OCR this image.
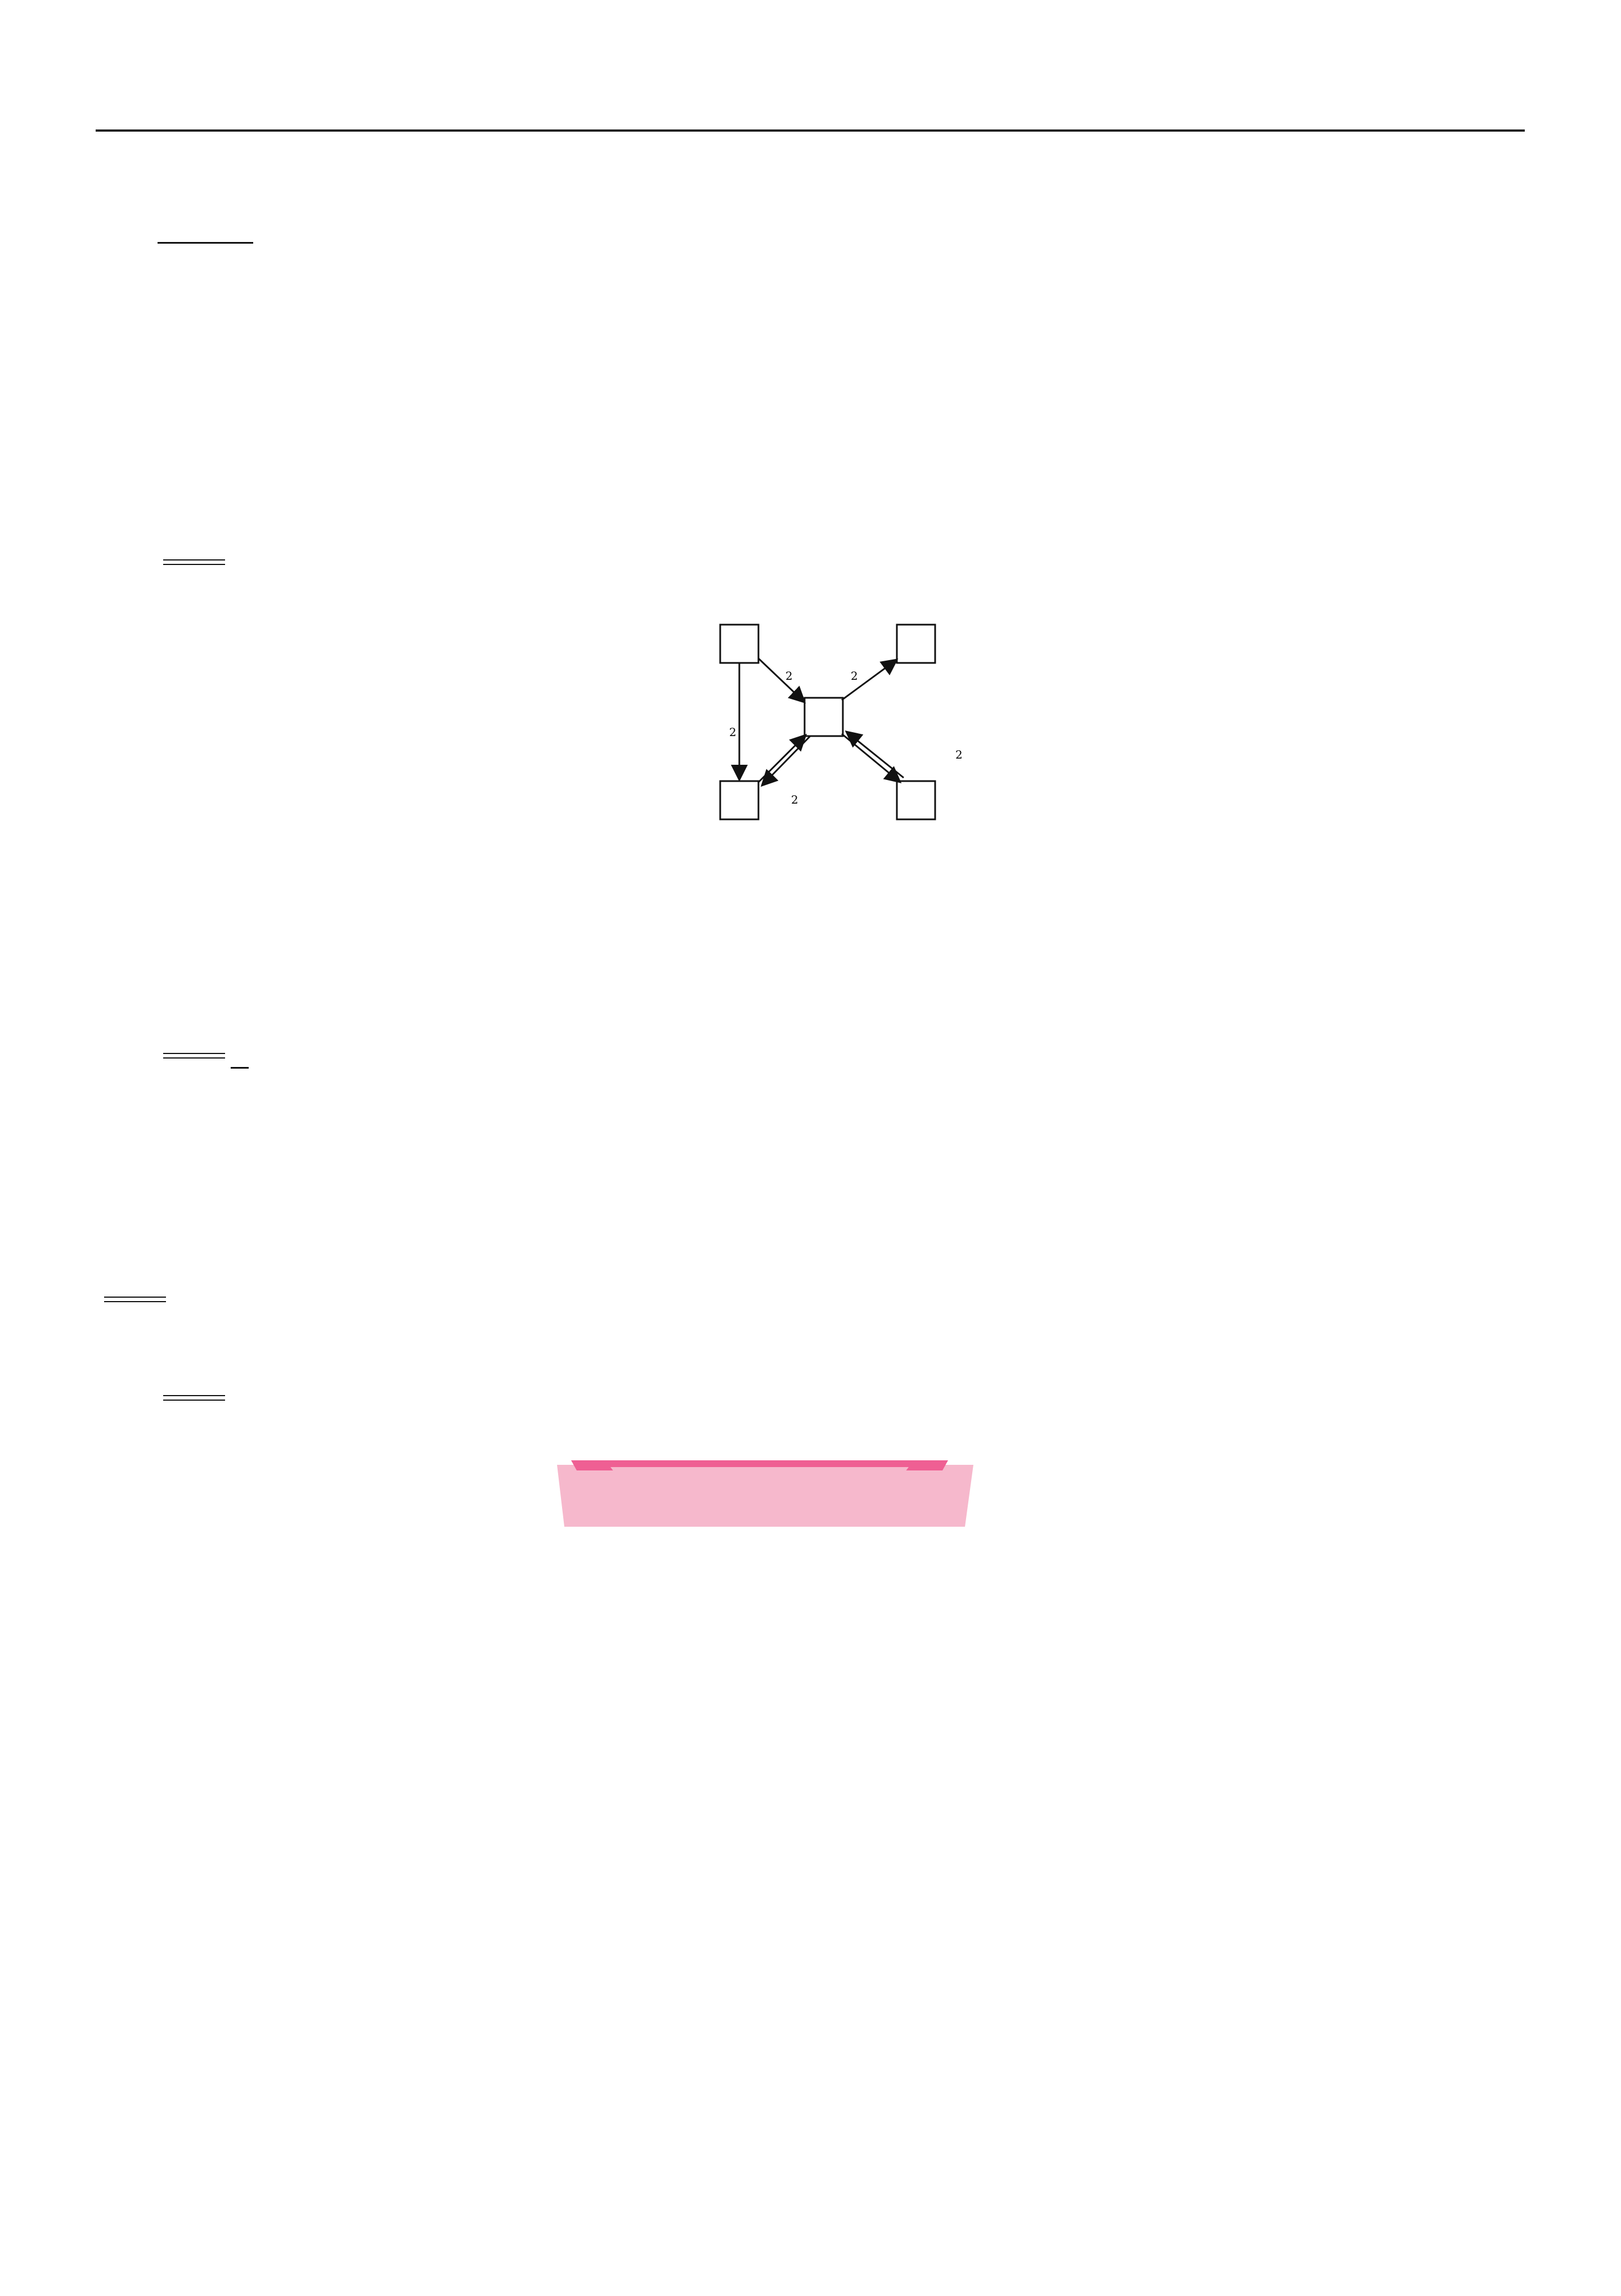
2
2
2
2
2
